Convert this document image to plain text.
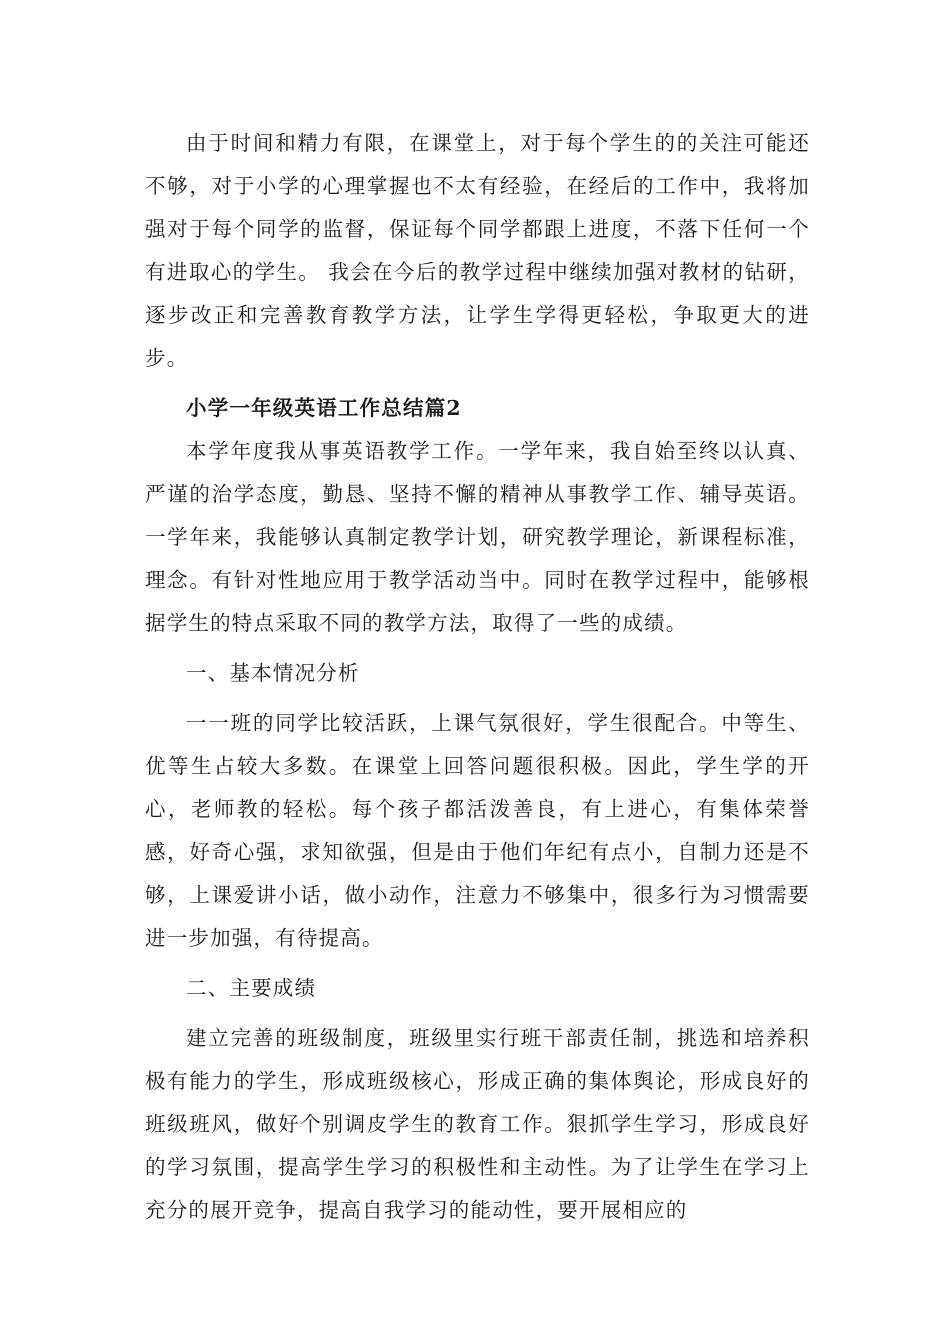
由于时间和精力有限，在课堂上，对于每个学生的的关注可能还不够，对于小学的心理掌握也不太有经验，在经后的工作中，我将加强对于每个同学的监督，保证每个同学都跟上进度，不落下任何一个有进取心的学生。 我会在今后的教学过程中继续加强对教材的钻研，逐步改正和完善教育教学方法，让学生学得更轻松，争取更大的进步。

小学一年级英语工作总结篇2

本学年度我从事英语教学工作。一学年来，我自始至终以认真、严谨的治学态度，勤恳、坚持不懈的精神从事教学工作、辅导英语。一学年来，我能够认真制定教学计划，研究教学理论，新课程标准，理念。有针对性地应用于教学活动当中。同时在教学过程中，能够根据学生的特点采取不同的教学方法，取得了一些的成绩。

一、基本情况分析

一一班的同学比较活跃，上课气氛很好，学生很配合。中等生、优等生占较大多数。在课堂上回答问题很积极。因此，学生学的开心，老师教的轻松。每个孩子都活泼善良，有上进心，有集体荣誉感，好奇心强，求知欲强，但是由于他们年纪有点小，自制力还是不够，上课爱讲小话，做小动作，注意力不够集中，很多行为习惯需要进一步加强，有待提高。

二、主要成绩

建立完善的班级制度，班级里实行班干部责任制，挑选和培养积极有能力的学生，形成班级核心，形成正确的集体舆论，形成良好的班级班风，做好个别调皮学生的教育工作。狠抓学生学习，形成良好的学习氛围，提高学生学习的积极性和主动性。为了让学生在学习上充分的展开竞争，提高自我学习的能动性，要开展相应的
